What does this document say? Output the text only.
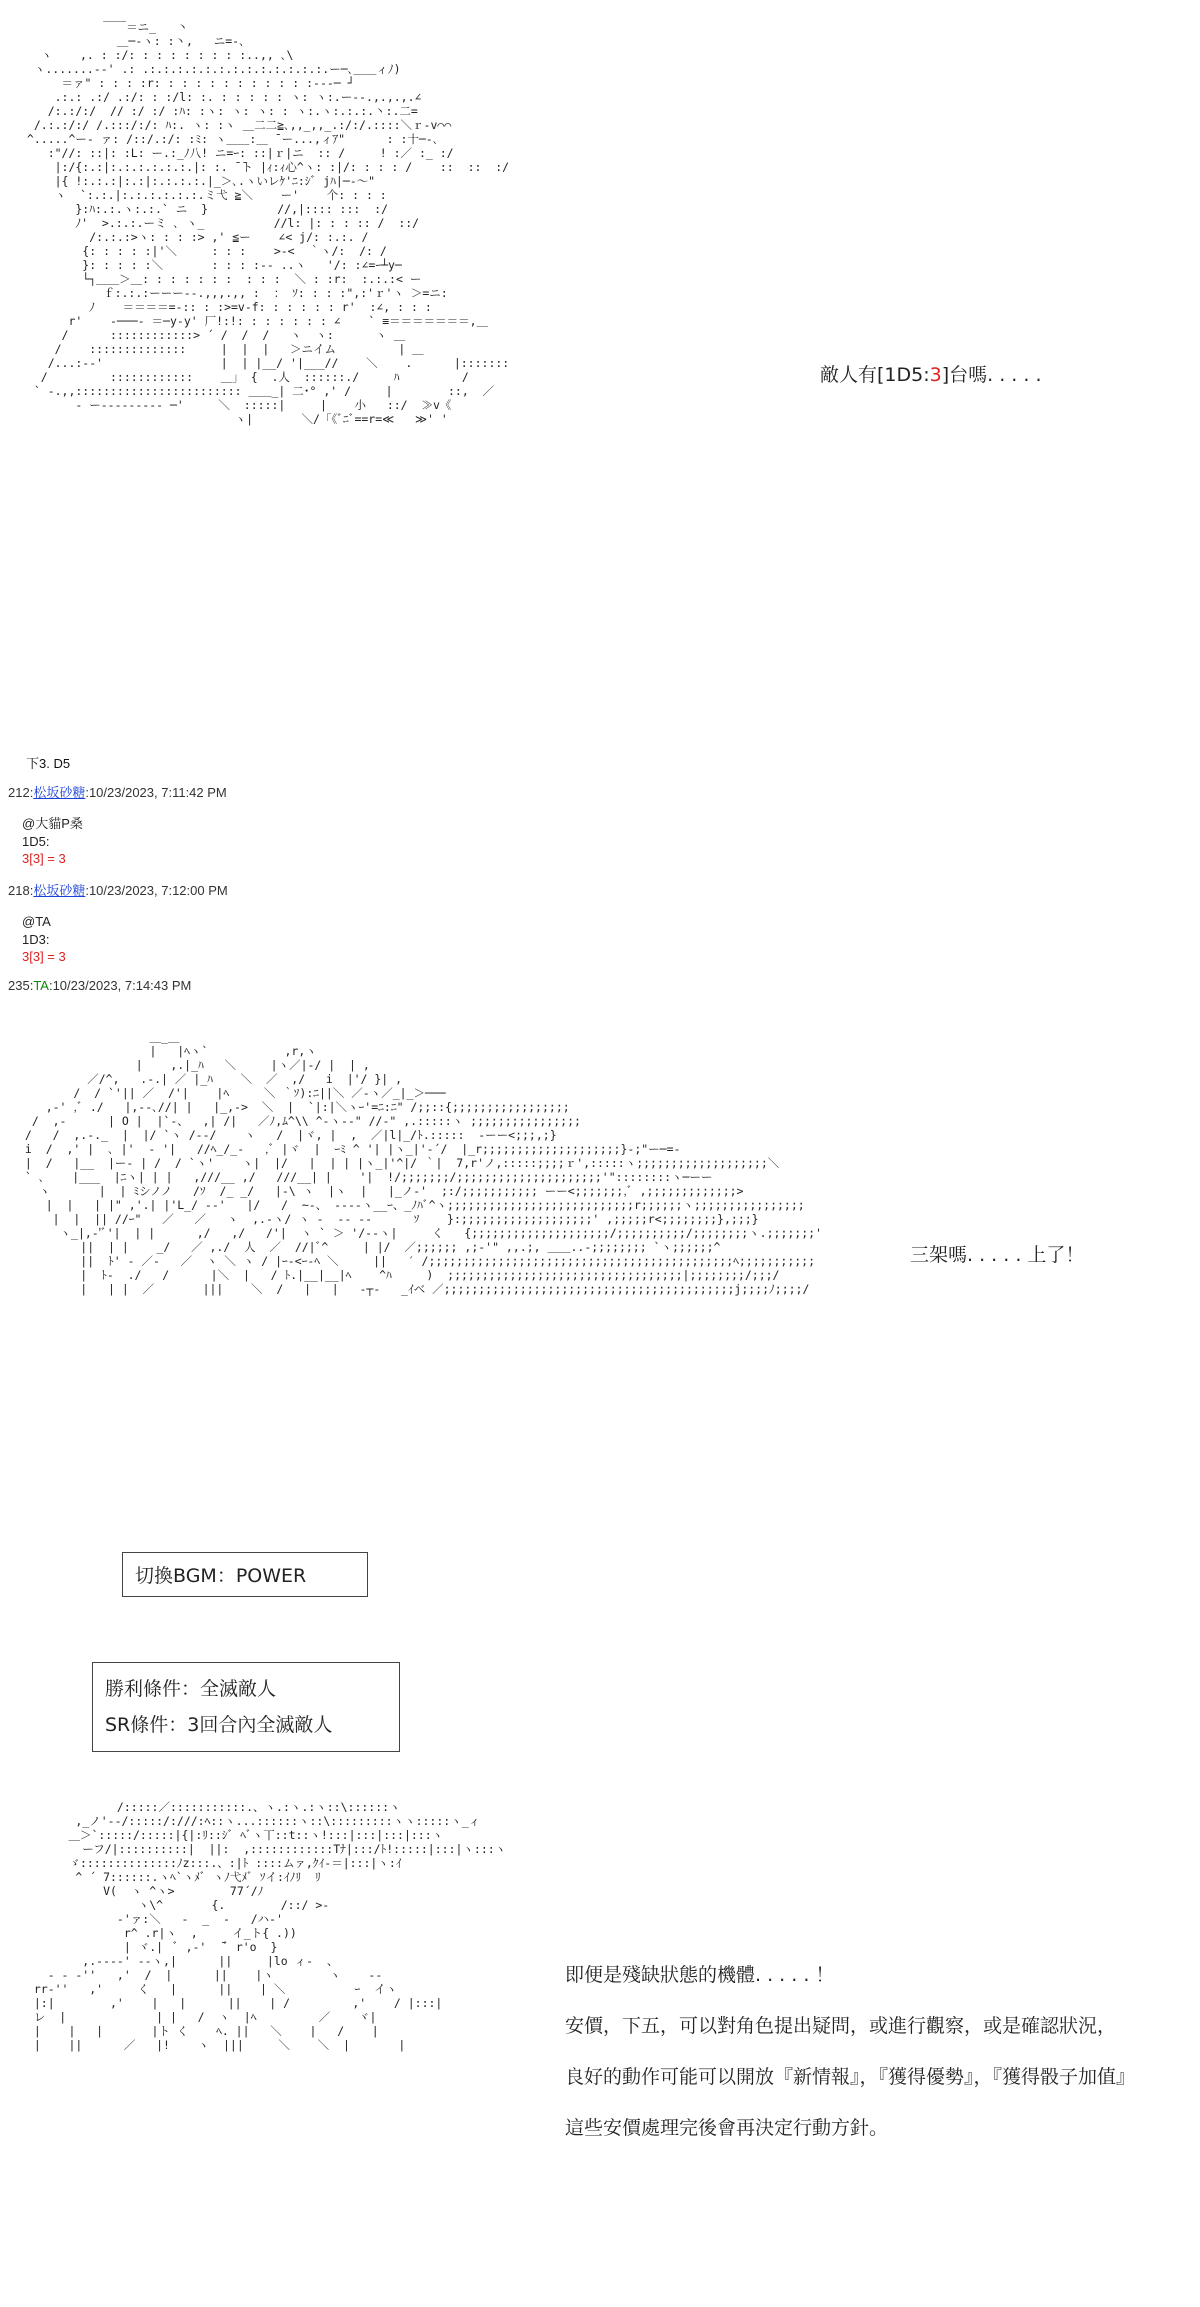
￣￣＝ニ_   丶
＿─‐ヽ: :丶,   ニ=‐､
ヽ    ,. : :/: : : : : : : : :..,, ､\
ヽ.......-‐' .: .:.:.:.:.:.:.:.:.:.:.:.:.:.ー─､＿＿ィﾉ)
＝ァ" : : : :r: : : : : : : : : : : :‐--─ ┘
.:.: .:/ .:/: : :/l: :. : : : : : ヽ: ヽ:.ー‐-.,.,.,.∠
/:.:/:/  // :/ :/ :ﾊ: :ヽ: ヽ: ヽ: : ヽ:.ヽ:.:.:.丶:.二=
/.:.:/:/ /.:::/:/: ﾊ:. ヽ: :ヽ ＿二二≧､,,_,,_.:/:/.::::＼ｒ-v⌒⌒
^.....^ー- ァ: /::/.:/: :ﾐ: ヽ＿＿:＿ ̄ ー...,ィｱ"      : :十─-､
:"//: ::|: :L: ー.:_ﾉ八! ニ=ｰ: ::|ｒ|ニ  :: /     ! :／ :_ :/
|:/{:.:|:.:.:.:.:.:.|: :. ̄ ̄ト |ｨ:ｨ心^ヽ: :|/: : : : /    ::  ::  :/
|{ !:.:.:|:.:|:.:.:.:.|_＞､.ヽいレｹ'ﾆ:ｼﾞ jﾊ|─‐〜"
ヽ  `:.:.|:.:.:.:.:.:.ミ弋 ≧＼    ー'    个: : : :
}:ﾊ:.:.ヽ:.:.` ニ  }          //,|:::: :::  :/
ﾉ'  >.:.:.ーミ ､ ヽ_          //l: |: : : :: /  ::/
/:.:.:>ヽ: : : :> ,' ≦ー    ∠< j/: :.:. /
{: : : : :|'＼     : : :    >-<  ｀ヽ/:  /: /
}: : : : :＼       : : : :-- ..ヽ   '/: :∠=ｰ┴y─
└┐＿＿＞＿: : : : : : :  : : :  ＼ : :r:  :.:.:< ー
ｆ:.:.:ーーー‐-.,,,.,, :  ： ｿ: : : :",:'ｒ'ヽ ＞=ニ:
ﾉ    ＝＝＝＝=-:: : :>=v-f: : : : : : r'  :∠, : : :
r'    ‐───‐ ＝─y‐y' 厂!:!: : : : : : : ∠    ` ≡＝＝＝＝＝＝＝,＿
/      ::::::::::::> ´ /  /  /   ヽ  ヽ:      ヽ ＿
/    ::::::::::::::     |  |  |   ＞ニイム         | ＿
/...:--'                 |  | |__/ '|___//    ＼    .      |:::::::
/         ::::::::::::    ＿」 {  .人  ::::::./     ﾊ         /
` -.,,:::::::::::::::::::::::: ＿＿_| 二･° ,' /     |        ::,  ／
‐ ー‐-------- ─'     ＼  :::::|     |    小   ::/  ≫v《
ヽ|       ＼/「《ﾞﾆﾞ==r=≪   ≫' '
敵人有[1D5:3]台嗎. . . . .
下3. D5
212:松坂砂糖:10/23/2023, 7:11:42 PM
@大貓P桑
1D5:
3[3] = 3
218:松坂砂糖:10/23/2023, 7:12:00 PM
@TA
1D3:
3[3] = 3
235:TA:10/23/2023, 7:14:43 PM
＿_＿
|   |ﾍヽ`           ,r,ヽ
|    ,.|_ﾊ   ＼     |ヽ／|-/ |  | ,
／/^,   .-.| ／ |_ﾊ    ＼  ／  ,/   i  |'/ }| ,
/  / `'|| ／  /'|    |ﾍ     ＼ ｀ｿ):ﾆ||＼ ／-ヽ／_|_＞───
,-' ,ﾞ ./   |,-‐､//| |   |_,->  ＼  |  `|:|＼ヽｰ'=ﾆ:ﾆ" /;;::{;;;;;;;;;;;;;;;;;
/  ,-      | O |  |`‐、  ,| /|   ／ﾉ,ﾑ^\\ ^‐ヽ-‐" //-" ,.:::::ヽ ;;;;;;;;;;;;;;;;
/   /  ,.-._  |  |/ `ヽ /-‐/    ヽ   /  |ヾ, |  ,  ／|l|_/ﾄ.:::::  ‐ーー<;;;,;}
i  /  ,' |  ､ |'  ‐ '|   //ﾍ_/_-   ,ﾞ |ヾ  |  ｰﾐ ^ '| |ヽ_|'‐´/  |_r;;;;;;;;;;;;;;;;;;;;}-;"ー─=-
|  /   |__  |ー‐ | /  / `ヽ'    ヽ|  |/   |  | | |ヽ_|'^|/ ｀|  7,r'ノ,:::::;;;;ｒ',:::::ヽ;;;;;;;;;;;;;;;;;;;＼
` ､    |___  |ﾆヽ| | |   ,///__ ,/   ///__| |    '|  !/;;;;;;;/;;;;;;;;;;;;;;;;;;;;;'"::::::::ヽ─ーー
ヽ       |  | ﾐシノノ   /ｿ  /_ _/   |‐\ ヽ  |ヽ  |   |_ノ‐'  ;:/;;;;;;;;;;; ーー<;;;;;;;,ﾞ ,;;;;;;;;;;;;;>
|  |   | |" ,'.| |'L_/ ‐‐'   |/   /  ~‐、 ‐-‐-ヽ__ｰ、_ﾉﾊﾞ^ヽ;;;;;;;;;;;;;;;;;;;;;;;;;;;r;;;;;;ヽ;;;;;;;;;;;;;;;;
|  |  || //ｰ"   ／   ／   ヽ  ,.-ヽ/ ヽ -  -- ‐‐      ｿ    }:;;;;;;;;;;;;;;;;;;;' ,;;;;;r<;;;;;;;;},;;;}
ヽ_|,-'ﾞ'|  | |      ,/   ,/   /'|  ヽ ` ＞ '/‐‐ヽ|     く   {;;;;;;;;;;;;;;;;;;;;/;;;;;;;;;;/;;;;;;;;ヽ.;;;;;;;'
||  | |    _/   ／ ,./  人  ／  //|ﾞ^     | |/  ／;;;;;; ,;-'" ,,.;, ＿＿..-;;;;;;;; `ヽ;;;;;;^
||  ﾄ' ‐ ／‐   ／  ヽ ＼ ヽ / |ｰ‐<ｰ‐ﾍ ＼     ||   ′ /;;;;;;;;;;;;;;;;;;;;;;;;;;;;;;;;;;;;;;;;;;;;ﾍ;;;;;;;;;;;
|  ﾄ-  ./   /      |＼  |   / ﾄ.|__|__|ﾍ    ^ﾊ     )  ;;;;;;;;;;;;;;;;;;;;;;;;;;;;;;;;;;|;;;;;;;;/;;;/
|   | |  ／       |||    ＼  /   |   |   ‐┬‐   _ｲベ ／;;;;;;;;;;;;;;;;;;;;;;;;;;;;;;;;;;;;;;;;;;j;;;;ﾉ;;;;/
三架嗎. . . . . 上了！
切換BGM：POWER
勝利條件：全滅敵人
SR條件：3回合內全滅敵人
/:::::／:::::::::::.、ヽ.:ヽ.:ヽ::\::::::ヽ
,_ノ'‐‐/:::::/:///:ﾍ::ヽ...::::::ヽ::\:::::::::ヽヽ:::::ヽ_ィ
＿＞`:::::/:::::|{|:ﾘ::ｼﾞ ﾍﾞヽ丅::t::ヽ!:::|:::|:::|:::ヽ
ーフ/|::::::::::|  ||:  ,::::::::::::Tﾅ|:::/ﾄ!:::::|:::|ヽ:::ヽ
ゞ::::::::::::::ﾉz:::.、:|ﾄ ::::ムァ,ｸｲ‐＝|:::|ヽ:ｲ
^ ´ 7::::::.ヽﾍ`ヽﾒﾞ ヽﾉ弋ﾒﾞ ｿイ:ｲﾉﾘ  ﾘ
V(  ヽ ^ヽ>        77´/ﾉ
ヽ\^       {.        /::/ >-
‐'ァ:＼   -  _  -   /ハ‐'
r^ .r|ヽ  ,     イ_ト{ .))
| ヾ.|  ﾞ ,‐'  ̄ ﾞ r'o  }
,.‐‐--' -‐ヽ,|      ||     |lo ィ-  、
‐ ‐ ‐''   ,'  /  |      ||    |ヽ        ヽ    ‐‐
rr‐''   ,'     く   |      ||    | ＼          ｰ  イヽ
|:|        ,'    |   |      ||    | /         ,'    / |:::|
レ  |             | |   /  ヽ  |ﾍ         ／    ヾ|
|    |   |       |ト く    ﾍ. ||   ＼    |   /    |
|    ||      ／   |!    ヽ  |||     ＼    ＼  |       |
即便是殘缺狀態的機體. . . . . ！
安價，下五，可以對角色提出疑問，或進行觀察，或是確認狀況，
良好的動作可能可以開放『新情報』，『獲得優勢』，『獲得骰子加值』
這些安價處理完後會再決定行動方針。
